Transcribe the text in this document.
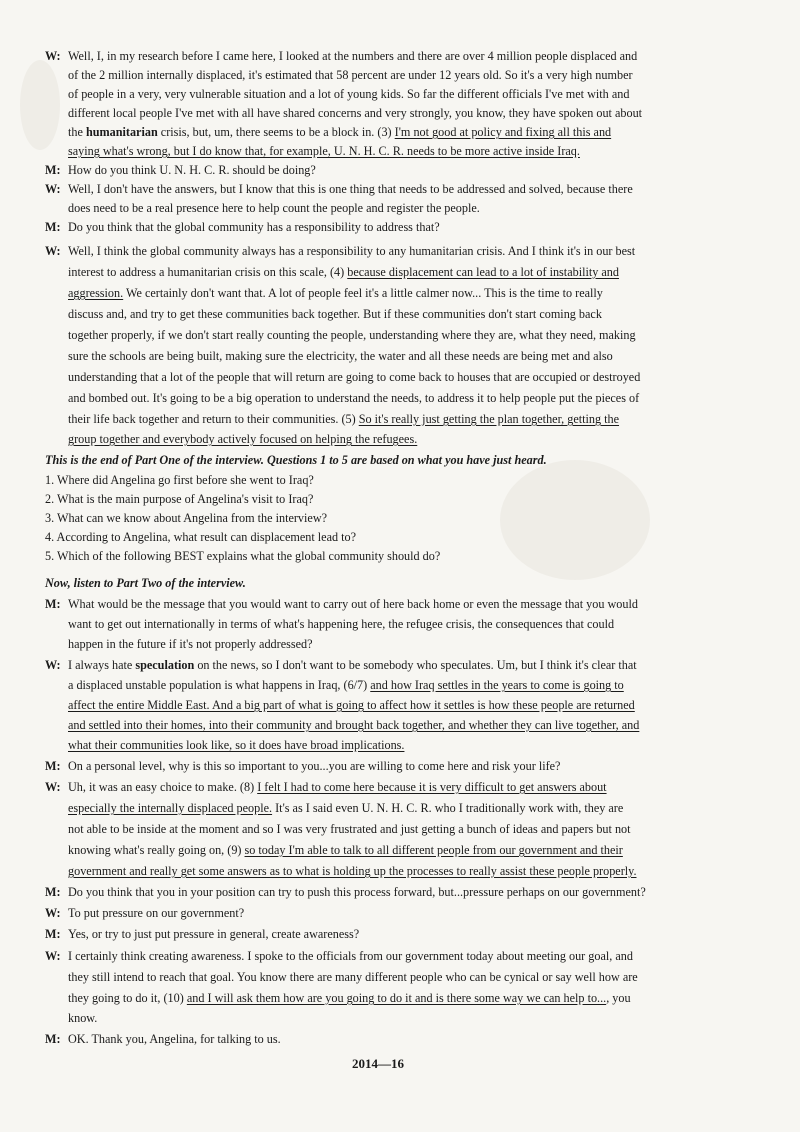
W: Well, I, in my research before I came here, I looked at the numbers and there are over 4 million people displaced and
of the 2 million internally displaced, it's estimated that 58 percent are under 12 years old. So it's a very high number
of people in a very, very vulnerable situation and a lot of young kids. So far the different officials I've met with and
different local people I've met with all have shared concerns and very strongly, you know, they have spoken out about
the humanitarian crisis, but, um, there seems to be a block in. (3) I'm not good at policy and fixing all this and
saying what's wrong, but I do know that, for example, U. N. H. C. R. needs to be more active inside Iraq.
M: How do you think U. N. H. C. R. should be doing?
W: Well, I don't have the answers, but I know that this is one thing that needs to be addressed and solved, because there
does need to be a real presence here to help count the people and register the people.
M: Do you think that the global community has a responsibility to address that?
W: Well, I think the global community always has a responsibility to any humanitarian crisis. And I think it's in our best
interest to address a humanitarian crisis on this scale, (4) because displacement can lead to a lot of instability and
aggression. We certainly don't want that. A lot of people feel it's a little calmer now... This is the time to really
discuss and, and try to get these communities back together. But if these communities don't start coming back
together properly, if we don't start really counting the people, understanding where they are, what they need, making
sure the schools are being built, making sure the electricity, the water and all these needs are being met and also
understanding that a lot of the people that will return are going to come back to houses that are occupied or destroyed
and bombed out. It's going to be a big operation to understand the needs, to address it to help people put the pieces of
their life back together and return to their communities. (5) So it's really just getting the plan together, getting the
group together and everybody actively focused on helping the refugees.
This is the end of Part One of the interview. Questions 1 to 5 are based on what you have just heard.
1. Where did Angelina go first before she went to Iraq?
2. What is the main purpose of Angelina's visit to Iraq?
3. What can we know about Angelina from the interview?
4. According to Angelina, what result can displacement lead to?
5. Which of the following BEST explains what the global community should do?
Now, listen to Part Two of the interview.
M: What would be the message that you would want to carry out of here back home or even the message that you would
want to get out internationally in terms of what's happening here, the refugee crisis, the consequences that could
happen in the future if it's not properly addressed?
W: I always hate speculation on the news, so I don't want to be somebody who speculates. Um, but I think it's clear that
a displaced unstable population is what happens in Iraq, (6/7) and how Iraq settles in the years to come is going to
affect the entire Middle East. And a big part of what is going to affect how it settles is how these people are returned
and settled into their homes, into their community and brought back together, and whether they can live together, and
what their communities look like, so it does have broad implications.
M: On a personal level, why is this so important to you...you are willing to come here and risk your life?
W: Uh, it was an easy choice to make. (8) I felt I had to come here because it is very difficult to get answers about
especially the internally displaced people. It's as I said even U. N. H. C. R. who I traditionally work with, they are
not able to be inside at the moment and so I was very frustrated and just getting a bunch of ideas and papers but not
knowing what's really going on, (9) so today I'm able to talk to all different people from our government and their
government and really get some answers as to what is holding up the processes to really assist these people properly.
M: Do you think that you in your position can try to push this process forward, but...pressure perhaps on our government?
W: To put pressure on our government?
M: Yes, or try to just put pressure in general, create awareness?
W: I certainly think creating awareness. I spoke to the officials from our government today about meeting our goal, and
they still intend to reach that goal. You know there are many different people who can be cynical or say well how are
they going to do it, (10) and I will ask them how are you going to do it and is there some way we can help to..., you
know.
M: OK. Thank you, Angelina, for talking to us.
2014—16
